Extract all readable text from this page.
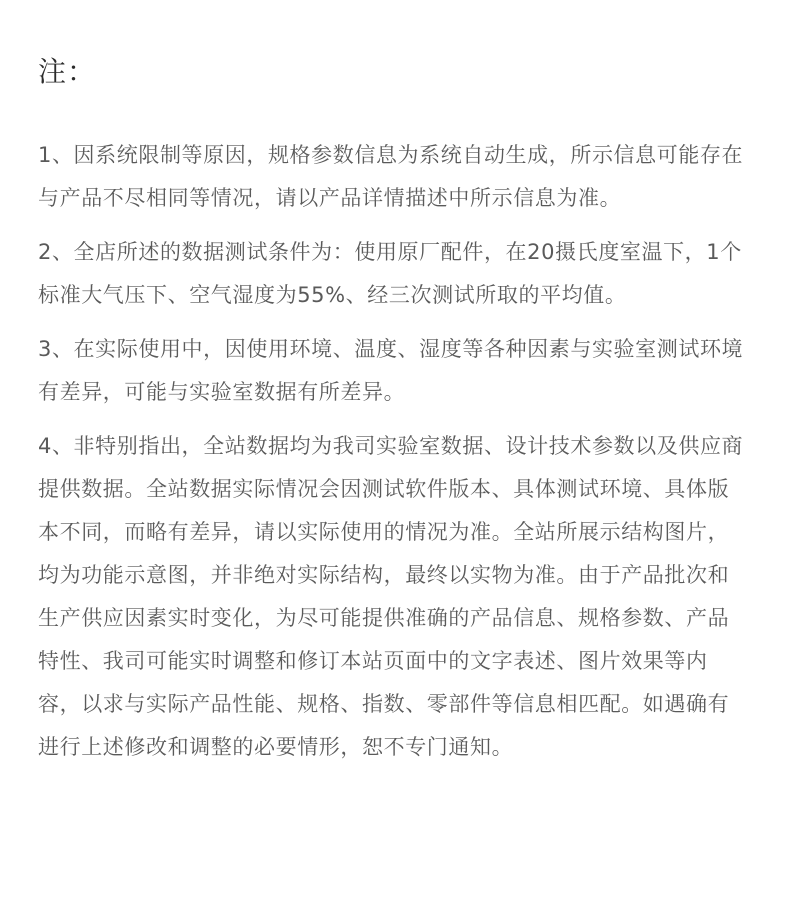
注：
1、因系统限制等原因，规格参数信息为系统自动生成，所示信息可能存在与产品不尽相同等情况，请以产品详情描述中所示信息为准。
2、全店所述的数据测试条件为：使用原厂配件，在20摄氏度室温下，1个标准大气压下、空气湿度为55%、经三次测试所取的平均值。
3、在实际使用中，因使用环境、温度、湿度等各种因素与实验室测试环境有差异，可能与实验室数据有所差异。
4、非特别指出，全站数据均为我司实验室数据、设计技术参数以及供应商提供数据。全站数据实际情况会因测试软件版本、具体测试环境、具体版本不同，而略有差异，请以实际使用的情况为准。全站所展示结构图片，均为功能示意图，并非绝对实际结构，最终以实物为准。由于产品批次和生产供应因素实时变化，为尽可能提供准确的产品信息、规格参数、产品特性、我司可能实时调整和修订本站页面中的文字表述、图片效果等内容，以求与实际产品性能、规格、指数、零部件等信息相匹配。如遇确有进行上述修改和调整的必要情形，恕不专门通知。
